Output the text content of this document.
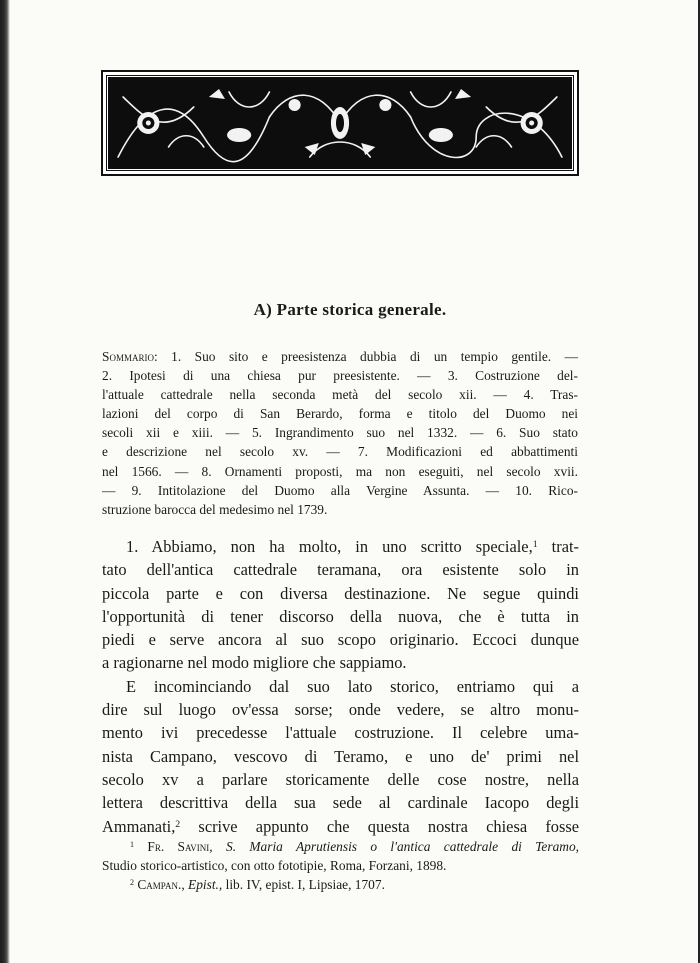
A) Parte storica generale.
Sommario: 1. Suo sito e preesistenza dubbia di un tempio gentile. —
2. Ipotesi di una chiesa pur preesistente. — 3. Costruzione del-
l'attuale cattedrale nella seconda metà del secolo xii. — 4. Tras-
lazioni del corpo di San Berardo, forma e titolo del Duomo nei
secoli xii e xiii. — 5. Ingrandimento suo nel 1332. — 6. Suo stato
e descrizione nel secolo xv. — 7. Modificazioni ed abbattimenti
nel 1566. — 8. Ornamenti proposti, ma non eseguiti, nel secolo xvii.
— 9. Intitolazione del Duomo alla Vergine Assunta. — 10. Rico-
struzione barocca del medesimo nel 1739.
1. Abbiamo, non ha molto, in uno scritto speciale,$^1$ trat-
tato dell'antica cattedrale teramana, ora esistente solo in
piccola parte e con diversa destinazione. Ne segue quindi
l'opportunità di tener discorso della nuova, che è tutta in
piedi e serve ancora al suo scopo originario. Eccoci dunque
a ragionarne nel modo migliore che sappiamo.
E incominciando dal suo lato storico, entriamo qui a
dire sul luogo ov'essa sorse; onde vedere, se altro monu-
mento ivi precedesse l'attuale costruzione. Il celebre uma-
nista Campano, vescovo di Teramo, e uno de' primi nel
secolo xv a parlare storicamente delle cose nostre, nella
lettera descrittiva della sua sede al cardinale Iacopo degli
Ammanati,$^2$ scrive appunto che questa nostra chiesa fosse
$^1$ Fr. Savini, S. Maria Aprutiensis o l'antica cattedrale di Teramo,
Studio storico-artistico, con otto fototipie, Roma, Forzani, 1898.
$^2$ Campan., Epist., lib. IV, epist. I, Lipsiae, 1707.
